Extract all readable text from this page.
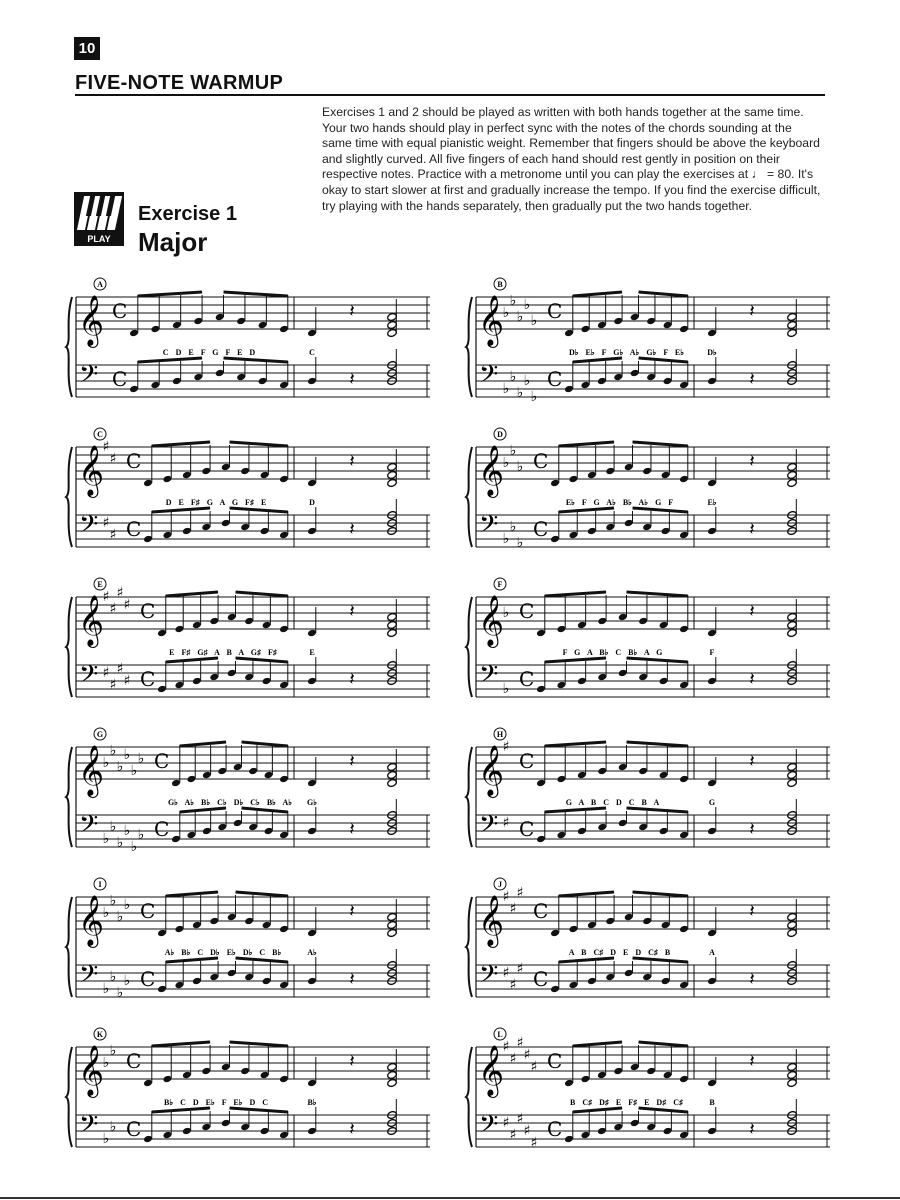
10
FIVE-NOTE WARMUP

Exercises 1 and 2 should be played as written with both hands together at the same time. Your two hands should play in perfect sync with the notes of the chords sounding at the same time with equal pianistic weight. Remember that fingers should be above the keyboard and slightly curved. All five fingers of each hand should rest gently in position on their respective notes. Practice with a metronome until you can play the exercises at ♩ = 80. It's okay to start slower at first and gradually increase the tempo. If you find the exercise difficult, try playing with the hands separately, then gradually put the two hands together.

PLAY
Exercise 1
Major
A
𝄞
𝄢
C
C
𝄽
𝄽
C D E F G F E D	C
B
𝄞
𝄢
♭
♭
♭
♭
♭
♭
♭
♭
♭
♭
C
C
𝄽
𝄽
D♭ E♭ F G♭ A♭ G♭ F E♭	D♭
C
𝄞
𝄢
♯
♯
♯
♯
C
C
𝄽
𝄽
D E F♯ G A G F♯ E	D
D
𝄞
𝄢
♭
♭
♭
♭
♭
♭
C
C
𝄽
𝄽
E♭ F G A♭ B♭ A♭ G F	E♭
E
𝄞
𝄢
♯
♯
♯
♯
♯
♯
♯
♯
C
C
𝄽
𝄽
E F♯ G♯ A B A G♯ F♯	E
F
𝄞
𝄢
♭
♭
C
C
𝄽
𝄽
F G A B♭ C B♭ A G	F
G
𝄞
𝄢
♭
♭
♭
♭
♭
♭
♭
♭
♭
♭
♭
♭
C
C
𝄽
𝄽
G♭ A♭ B♭ C♭ D♭ C♭ B♭ A♭ G♭
H
𝄞
𝄢
♯
♯
C
C
𝄽
𝄽
G A B C D C B A	G
I
𝄞
𝄢
♭
♭
♭
♭
♭
♭
♭
♭
C
C
𝄽
𝄽
A♭ B♭ C D♭ E♭ D♭ C B♭	A♭
J
𝄞
𝄢
♯
♯
♯
♯
♯
♯
C
C
𝄽
𝄽
A B C♯ D E D C♯ B	A
K
𝄞
𝄢
♭
♭
♭
♭
C
C
𝄽
𝄽
B♭ C D E♭ F E♭ D C	B♭
L
𝄞
𝄢
♯
♯
♯
♯
♯
♯
♯
♯
♯
♯
C
C
𝄽
𝄽
B C♯ D♯ E F♯ E D♯ C♯	B
